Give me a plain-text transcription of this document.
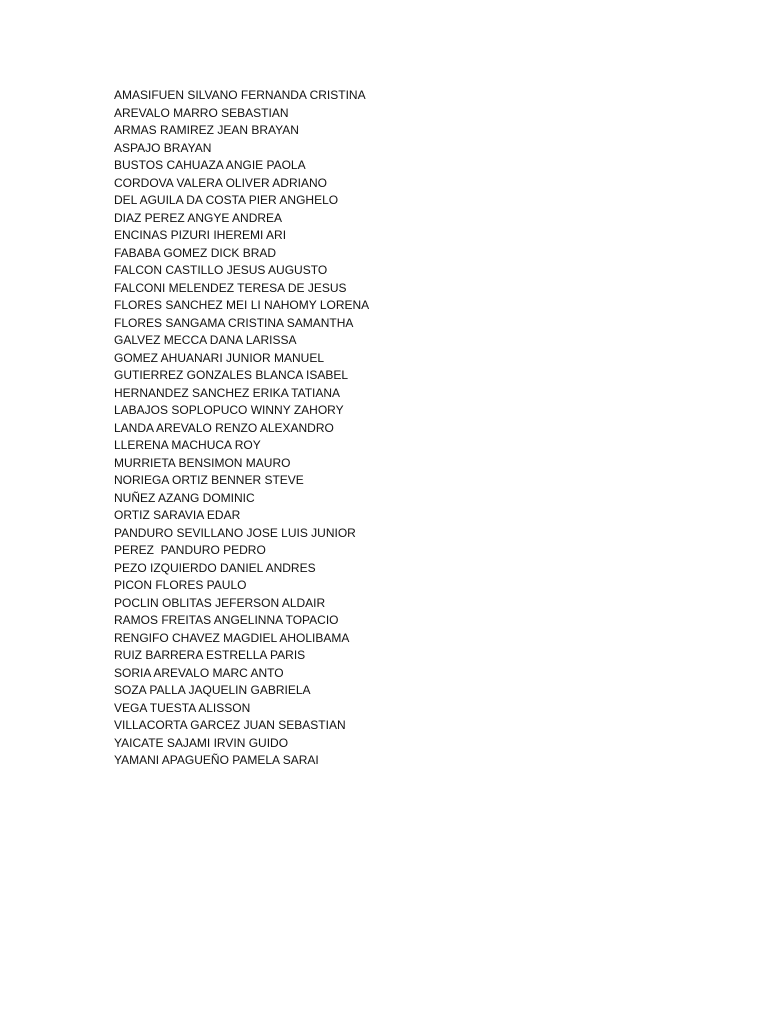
AMASIFUEN SILVANO FERNANDA CRISTINA
AREVALO MARRO SEBASTIAN
ARMAS RAMIREZ JEAN BRAYAN
ASPAJO BRAYAN
BUSTOS CAHUAZA ANGIE PAOLA
CORDOVA VALERA OLIVER ADRIANO
DEL AGUILA DA COSTA PIER ANGHELO
DIAZ PEREZ ANGYE ANDREA
ENCINAS PIZURI IHEREMI ARI
FABABA GOMEZ DICK BRAD
FALCON CASTILLO JESUS AUGUSTO
FALCONI MELENDEZ TERESA DE JESUS
FLORES SANCHEZ MEI LI NAHOMY LORENA
FLORES SANGAMA CRISTINA SAMANTHA
GALVEZ MECCA DANA LARISSA
GOMEZ AHUANARI JUNIOR MANUEL
GUTIERREZ GONZALES BLANCA ISABEL
HERNANDEZ SANCHEZ ERIKA TATIANA
LABAJOS SOPLOPUCO WINNY ZAHORY
LANDA AREVALO RENZO ALEXANDRO
LLERENA MACHUCA ROY
MURRIETA BENSIMON MAURO
NORIEGA ORTIZ BENNER STEVE
NUÑEZ AZANG DOMINIC
ORTIZ SARAVIA EDAR
PANDURO SEVILLANO JOSE LUIS JUNIOR
PEREZ  PANDURO PEDRO
PEZO IZQUIERDO DANIEL ANDRES
PICON FLORES PAULO
POCLIN OBLITAS JEFERSON ALDAIR
RAMOS FREITAS ANGELINNA TOPACIO
RENGIFO CHAVEZ MAGDIEL AHOLIBAMA
RUIZ BARRERA ESTRELLA PARIS
SORIA AREVALO MARC ANTO
SOZA PALLA JAQUELIN GABRIELA
VEGA TUESTA ALISSON
VILLACORTA GARCEZ JUAN SEBASTIAN
YAICATE SAJAMI IRVIN GUIDO
YAMANI APAGUEÑO PAMELA SARAI
